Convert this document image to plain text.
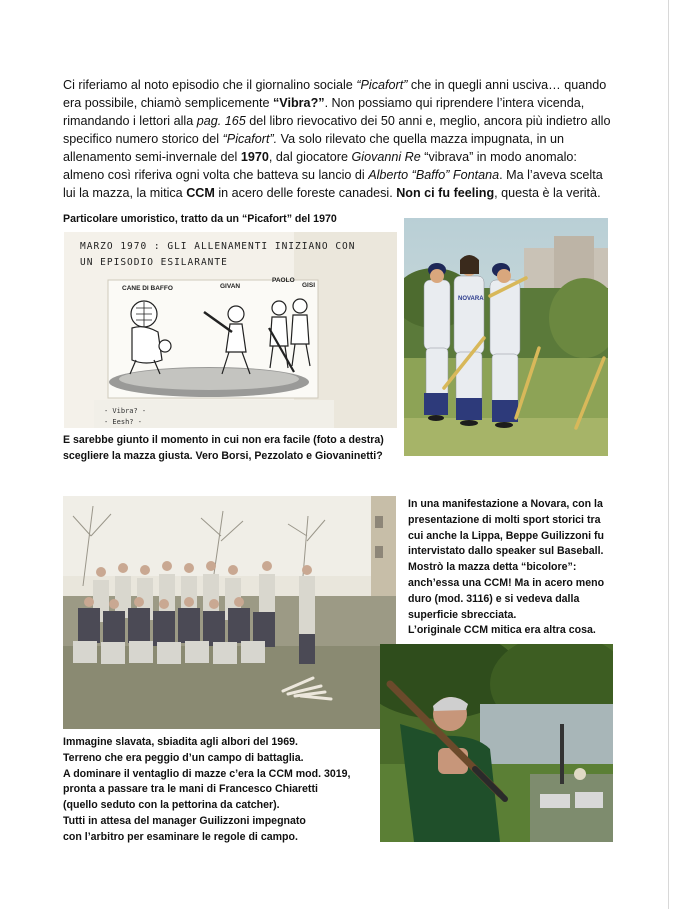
Ci riferiamo al noto episodio che il giornalino sociale “Picafort” che in quegli anni usciva… quando era possibile, chiamò semplicemente “Vibra?”. Non possiamo qui riprendere l’intera vicenda, rimandando i lettori alla pag. 165 del libro rievocativo dei 50 anni e, meglio, ancora più indietro allo specifico numero storico del “Picafort”. Va solo rilevato che quella mazza impugnata, in un allenamento semi-invernale del 1970, dal giocatore Giovanni Re “vibrava” in modo anomalo: almeno così riferiva ogni volta che batteva su lancio di Alberto “Baffo” Fontana. Ma l’aveva scelta lui la mazza, la mitica CCM in acero delle foreste canadesi. Non ci fu feeling, questa è la verità.
Particolare umoristico, tratto da un “Picafort” del 1970
MARZO 1970 : GLI ALLENAMENTI INIZIANO CON
UN EPISODIO ESILARANTE
CANE DI BAFFO	GIVAN
PAOLO
GISI
- Vibra? -
- Eesh? -
NOVARA
E sarebbe giunto il momento in cui non era facile (foto a destra)
scegliere la mazza giusta. Vero Borsi, Pezzolato e Giovaninetti?
In una manifestazione a Novara, con la
presentazione di molti sport storici tra
cui anche la Lippa, Beppe Guilizzoni fu
intervistato dallo speaker sul Baseball.
Mostrò la mazza detta “bicolore”:
anch’essa una CCM! Ma in acero meno
duro (mod. 3116) e si vedeva dalla
superficie sbrecciata.
L’originale CCM mitica era altra cosa.
Immagine slavata, sbiadita agli albori del 1969.
Terreno che era peggio d’un campo di battaglia.
A dominare il ventaglio di mazze c’era la CCM mod. 3019,
pronta a passare tra le mani di Francesco Chiaretti
(quello seduto con la pettorina da catcher).
Tutti in attesa del manager Guilizzoni impegnato
con l’arbitro per esaminare le regole di campo.
